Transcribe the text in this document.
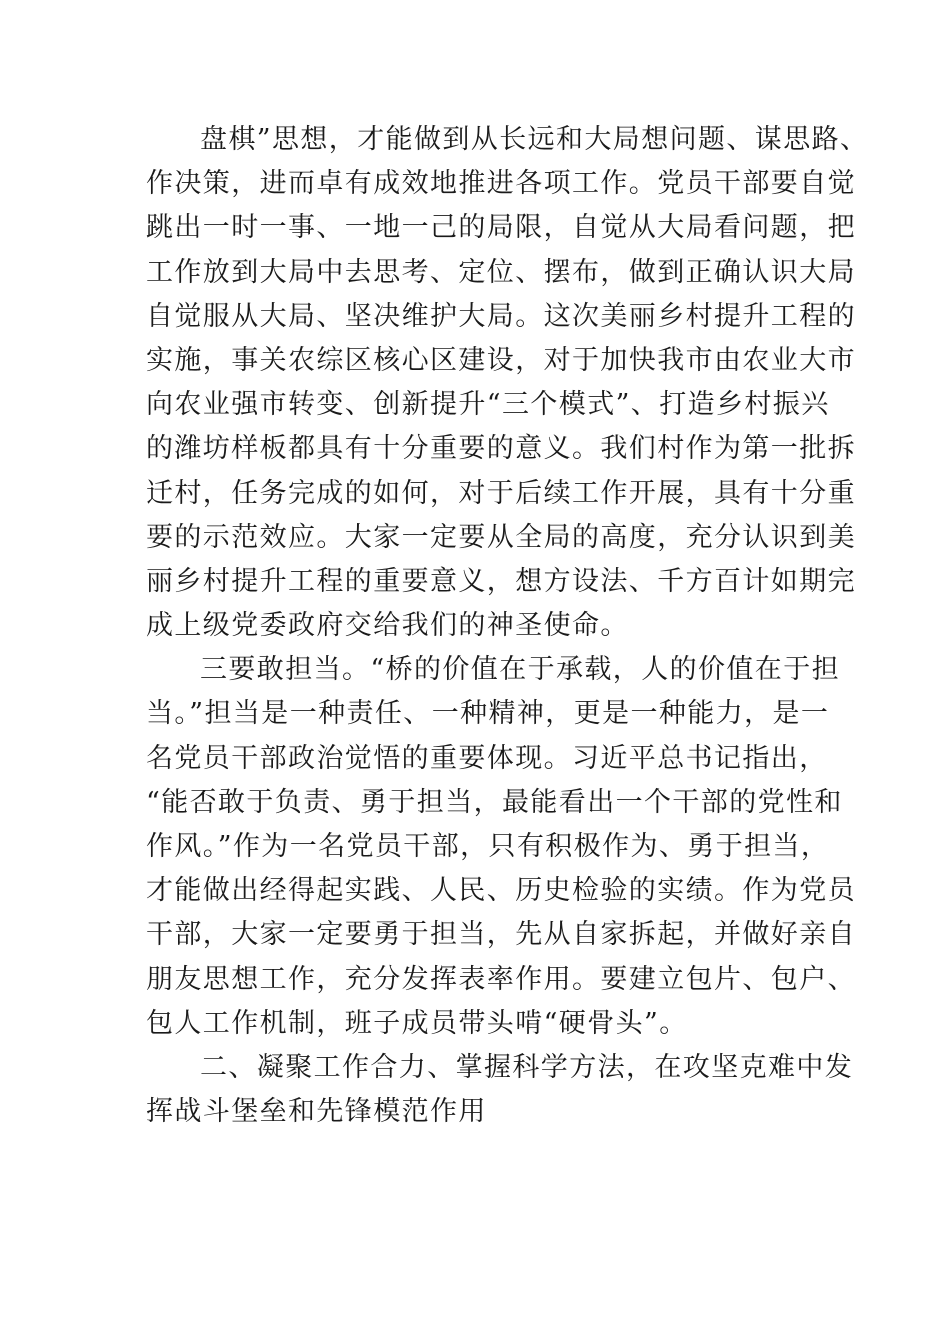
盘棋”思想，才能做到从长远和大局想问题、谋思路、
作决策，进而卓有成效地推进各项工作。党员干部要自觉
跳出一时一事、一地一己的局限，自觉从大局看问题，把
工作放到大局中去思考、定位、摆布，做到正确认识大局
自觉服从大局、坚决维护大局。这次美丽乡村提升工程的
实施，事关农综区核心区建设，对于加快我市由农业大市
向农业强市转变、创新提升“三个模式”、打造乡村振兴
的潍坊样板都具有十分重要的意义。我们村作为第一批拆
迁村，任务完成的如何，对于后续工作开展，具有十分重
要的示范效应。大家一定要从全局的高度，充分认识到美
丽乡村提升工程的重要意义，想方设法、千方百计如期完
成上级党委政府交给我们的神圣使命。
三要敢担当。“桥的价值在于承载，人的价值在于担
当。”担当是一种责任、一种精神，更是一种能力，是一
名党员干部政治觉悟的重要体现。习近平总书记指出，
“能否敢于负责、勇于担当，最能看出一个干部的党性和
作风。”作为一名党员干部，只有积极作为、勇于担当，
才能做出经得起实践、人民、历史检验的实绩。作为党员
干部，大家一定要勇于担当，先从自家拆起，并做好亲自
朋友思想工作，充分发挥表率作用。要建立包片、包户、
包人工作机制，班子成员带头啃“硬骨头”。
二、凝聚工作合力、掌握科学方法，在攻坚克难中发
挥战斗堡垒和先锋模范作用
